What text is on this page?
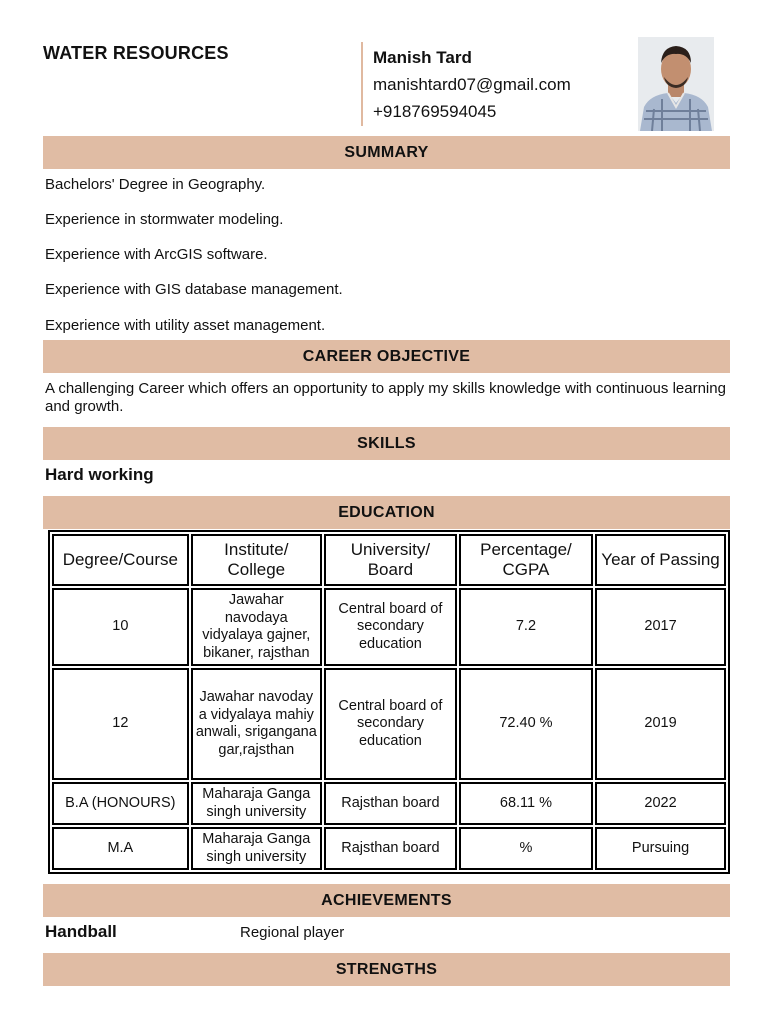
WATER RESOURCES	Manish Tard
manishtard07@gmail.com
+918769594045
SUMMARY
Bachelors' Degree in Geography.
Experience in stormwater modeling.
Experience with ArcGIS software.
Experience with GIS database management.
Experience with utility asset management.
CAREER OBJECTIVE
A challenging Career which offers an opportunity to apply my skills knowledge with continuous learning and growth.
SKILLS
Hard working
EDUCATION
Degree/Course	Institute/ College	University/ Board	Percentage/ CGPA	Year of Passing
10	Jawahar navodaya vidyalaya gajner, bikaner, rajsthan	Central board of secondary education	7.2	2017
12	Jawahar navodaya vidyalaya mahiyanwali, sriganganagar,rajsthan	Central board of secondary education	72.40 %	2019
B.A (HONOURS)	Maharaja Ganga singh university	Rajsthan board	68.11 %	2022
M.A	Maharaja Ganga singh university	Rajsthan board	%	Pursuing
ACHIEVEMENTS
Handball	Regional player
STRENGTHS
